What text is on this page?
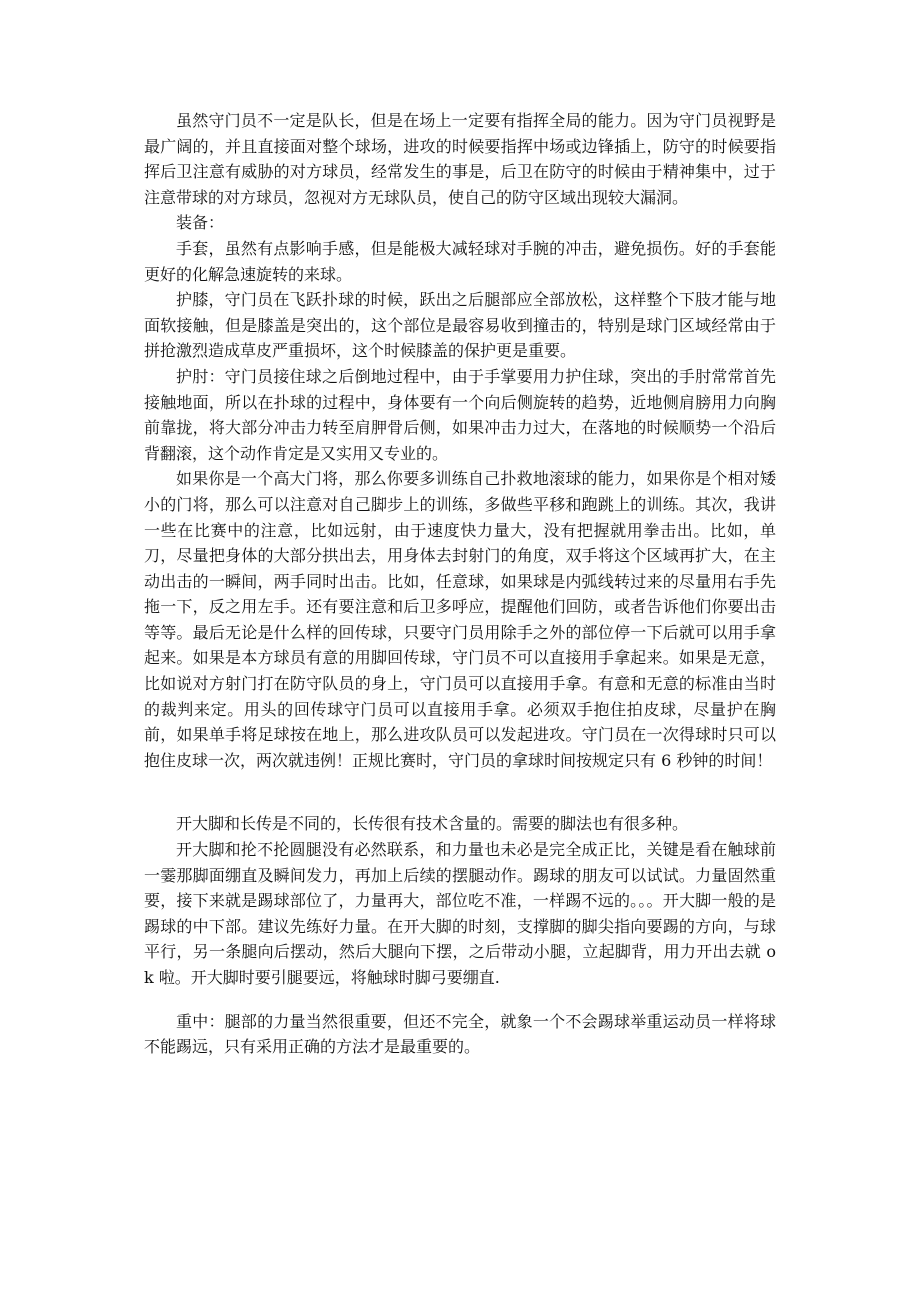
虽然守门员不一定是队长，但是在场上一定要有指挥全局的能力。因为守门员视野是最广阔的，并且直接面对整个球场，进攻的时候要指挥中场或边锋插上，防守的时候要指挥后卫注意有威胁的对方球员，经常发生的事是，后卫在防守的时候由于精神集中，过于注意带球的对方球员，忽视对方无球队员，使自己的防守区域出现较大漏洞。

装备：

手套，虽然有点影响手感，但是能极大减轻球对手腕的冲击，避免损伤。好的手套能更好的化解急速旋转的来球。

护膝，守门员在飞跃扑球的时候，跃出之后腿部应全部放松，这样整个下肢才能与地面软接触，但是膝盖是突出的，这个部位是最容易收到撞击的，特别是球门区域经常由于拼抢激烈造成草皮严重损坏，这个时候膝盖的保护更是重要。

护肘：守门员接住球之后倒地过程中，由于手掌要用力护住球，突出的手肘常常首先接触地面，所以在扑球的过程中，身体要有一个向后侧旋转的趋势，近地侧肩膀用力向胸前靠拢，将大部分冲击力转至肩胛骨后侧，如果冲击力过大，在落地的时候顺势一个沿后背翻滚，这个动作肯定是又实用又专业的。

如果你是一个高大门将，那么你要多训练自己扑救地滚球的能力，如果你是个相对矮小的门将，那么可以注意对自己脚步上的训练，多做些平移和跑跳上的训练。其次，我讲一些在比赛中的注意，比如远射，由于速度快力量大，没有把握就用拳击出。比如，单刀，尽量把身体的大部分拱出去，用身体去封射门的角度，双手将这个区域再扩大，在主动出击的一瞬间，两手同时出击。比如，任意球，如果球是内弧线转过来的尽量用右手先拖一下，反之用左手。还有要注意和后卫多呼应，提醒他们回防，或者告诉他们你要出击等等。最后无论是什么样的回传球，只要守门员用除手之外的部位停一下后就可以用手拿起来。如果是本方球员有意的用脚回传球，守门员不可以直接用手拿起来。如果是无意，比如说对方射门打在防守队员的身上，守门员可以直接用手拿。有意和无意的标准由当时的裁判来定。用头的回传球守门员可以直接用手拿。必须双手抱住拍皮球，尽量护在胸前，如果单手将足球按在地上，那么进攻队员可以发起进攻。守门员在一次得球时只可以抱住皮球一次，两次就违例！正规比赛时，守门员的拿球时间按规定只有 6 秒钟的时间！

开大脚和长传是不同的，长传很有技术含量的。需要的脚法也有很多种。

开大脚和抡不抡圆腿没有必然联系，和力量也未必是完全成正比，关键是看在触球前一霎那脚面绷直及瞬间发力，再加上后续的摆腿动作。踢球的朋友可以试试。力量固然重要，接下来就是踢球部位了，力量再大，部位吃不准，一样踢不远的。。。开大脚一般的是踢球的中下部。建议先练好力量。在开大脚的时刻，支撑脚的脚尖指向要踢的方向，与球平行，另一条腿向后摆动，然后大腿向下摆，之后带动小腿，立起脚背，用力开出去就 ok 啦。开大脚时要引腿要远，将触球时脚弓要绷直.

重中：腿部的力量当然很重要，但还不完全，就象一个不会踢球举重运动员一样将球不能踢远，只有采用正确的方法才是最重要的。
